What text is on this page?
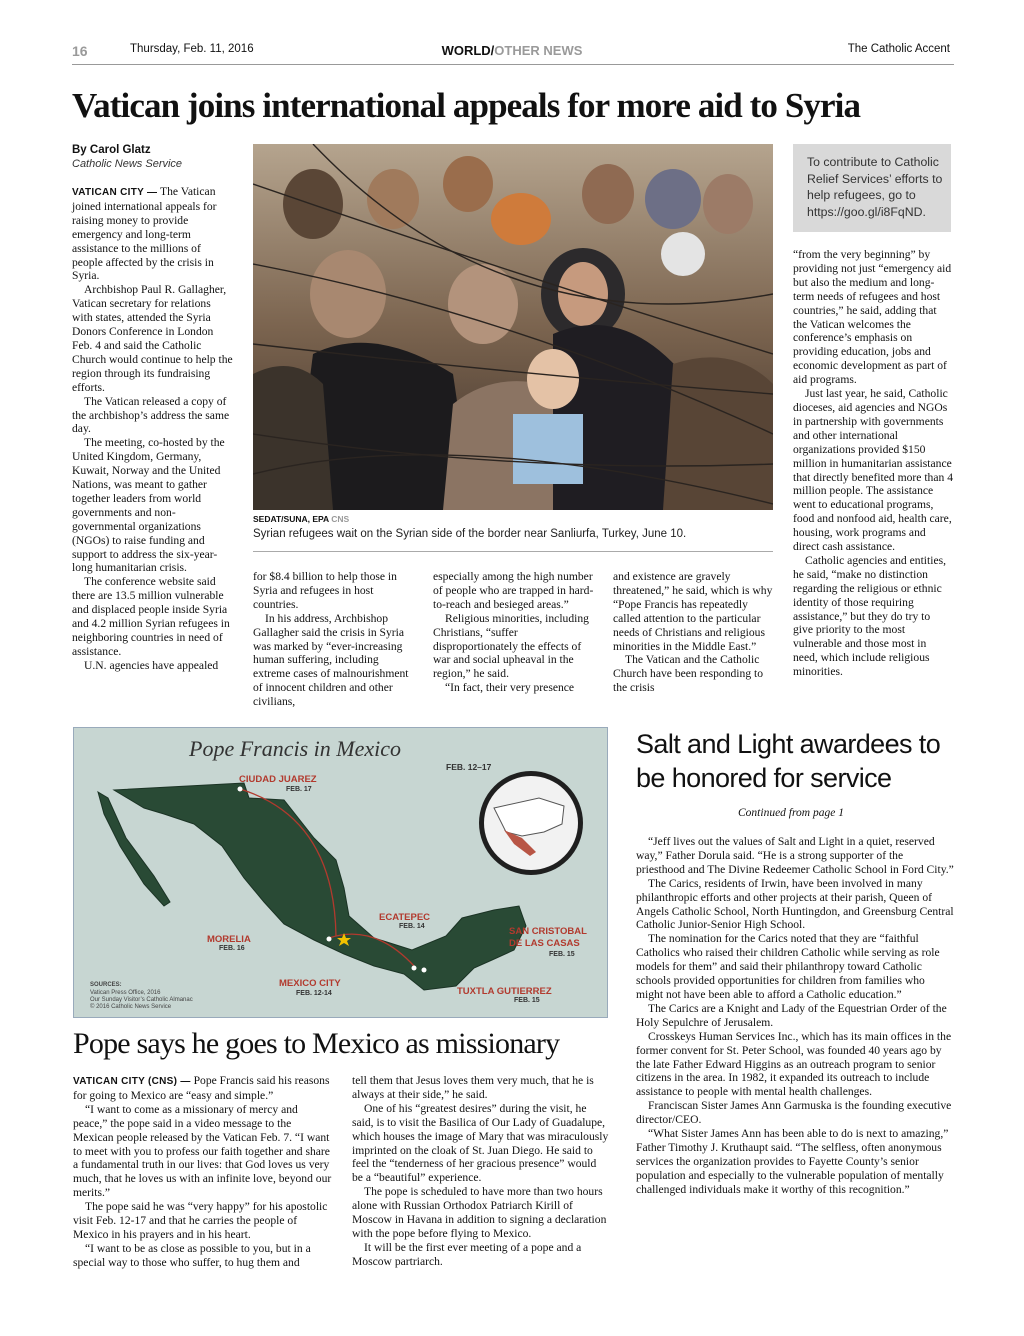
16	Thursday, Feb. 11, 2016	WORLD/OTHER NEWS	The Catholic Accent
Vatican joins international appeals for more aid to Syria
By Carol Glatz
Catholic News Service

VATICAN CITY — The Vatican joined international appeals for raising money to provide emergency and long-term assistance to the millions of people affected by the crisis in Syria.

Archbishop Paul R. Gallagher, Vatican secretary for relations with states, attended the Syria Donors Conference in London Feb. 4 and said the Catholic Church would continue to help the region through its fundraising efforts.

The Vatican released a copy of the archbishop’s address the same day.

The meeting, co-hosted by the United Kingdom, Germany, Kuwait, Norway and the United Nations, was meant to gather together leaders from world governments and non-governmental organizations (NGOs) to raise funding and support to address the six-year-long humanitarian crisis.

The conference website said there are 13.5 million vulnerable and displaced people inside Syria and 4.2 million Syrian refugees in neighboring countries in need of assistance.

U.N. agencies have appealed

SEDAT/SUNA, EPA CNS
Syrian refugees wait on the Syrian side of the border near Sanliurfa, Turkey, June 10.
To contribute to Catholic Relief Services’ efforts to help refugees, go to https://goo.gl/i8FqND.

for $8.4 billion to help those in Syria and refugees in host countries.

In his address, Archbishop Gallagher said the crisis in Syria was marked by “ever-increasing human suffering, including extreme cases of malnourishment of innocent children and other civilians,

especially among the high number of people who are trapped in hard-to-reach and besieged areas.”

Religious minorities, including Christians, “suffer disproportionately the effects of war and social upheaval in the region,” he said.

“In fact, their very presence

and existence are gravely threatened,” he said, which is why “Pope Francis has repeatedly called attention to the particular needs of Christians and religious minorities in the Middle East.”

The Vatican and the Catholic Church have been responding to the crisis

“from the very beginning” by providing not just “emergency aid but also the medium and long-term needs of refugees and host countries,” he said, adding that the Vatican welcomes the conference’s emphasis on providing education, jobs and economic development as part of aid programs.

Just last year, he said, Catholic dioceses, aid agencies and NGOs in partnership with governments and other international organizations provided $150 million in humanitarian assistance that directly benefited more than 4 million people. The assistance went to educational programs, food and nonfood aid, health care, housing, work programs and direct cash assistance.

Catholic agencies and entities, he said, “make no distinction regarding the religious or ethnic identity of those requiring assistance,” but they do try to give priority to the most vulnerable and those most in need, which include religious minorities.

Pope Francis in Mexico
FEB. 12–17
CIUDAD JUAREZ
ECATEPEC
SAN CRISTOBAL
DE LAS CASAS
MORELIA
MEXICO CITY
TUXTLA GUTIERREZ
FEB. 17
FEB. 14
FEB. 15
FEB. 16
FEB. 12-14
FEB. 15
SOURCES:
Vatican Press Office, 2016
Our Sunday Visitor’s Catholic Almanac
© 2016 Catholic News Service
Salt and Light awardees to be honored for service
Continued from page 1

“Jeff lives out the values of Salt and Light in a quiet, reserved way,” Father Dorula said. “He is a strong supporter of the priesthood and The Divine Redeemer Catholic School in Ford City.”

The Carics, residents of Irwin, have been involved in many philanthropic efforts and other projects at their parish, Queen of Angels Catholic School, North Huntingdon, and Greensburg Central Catholic Junior-Senior High School.

The nomination for the Carics noted that they are “faithful Catholics who raised their children Catholic while serving as role models for them” and said their philanthropy toward Catholic schools provided opportunities for children from families who might not have been able to afford a Catholic education.”

The Carics are a Knight and Lady of the Equestrian Order of the Holy Sepulchre of Jerusalem.

Crosskeys Human Services Inc., which has its main offices in the former convent for St. Peter School, was founded 40 years ago by the late Father Edward Higgins as an outreach program to senior citizens in the area. In 1982, it expanded its outreach to include assistance to people with mental health challenges.

Franciscan Sister James Ann Garmuska is the founding executive director/CEO.

“What Sister James Ann has been able to do is next to amazing,” Father Timothy J. Kruthaupt said. “The selfless, often anonymous services the organization provides to Fayette County’s senior population and especially to the vulnerable population of mentally challenged individuals make it worthy of this recognition.”

Pope says he goes to Mexico as missionary

VATICAN CITY (CNS) — Pope Francis said his reasons for going to Mexico are “easy and simple.”

“I want to come as a missionary of mercy and peace,” the pope said in a video message to the Mexican people released by the Vatican Feb. 7. “I want to meet with you to profess our faith together and share a fundamental truth in our lives: that God loves us very much, that he loves us with an infinite love, beyond our merits.”

The pope said he was “very happy” for his apostolic visit Feb. 12-17 and that he carries the people of Mexico in his prayers and in his heart.

“I want to be as close as possible to you, but in a special way to those who suffer, to hug them and

tell them that Jesus loves them very much, that he is always at their side,” he said.

One of his “greatest desires” during the visit, he said, is to visit the Basilica of Our Lady of Guadalupe, which houses the image of Mary that was miraculously imprinted on the cloak of St. Juan Diego. He said to feel the “tenderness of her gracious presence” would be a “beautiful” experience.

The pope is scheduled to have more than two hours alone with Russian Orthodox Patriarch Kirill of Moscow in Havana in addition to signing a declaration with the pope before flying to Mexico.

It will be the first ever meeting of a pope and a Moscow partriarch.
